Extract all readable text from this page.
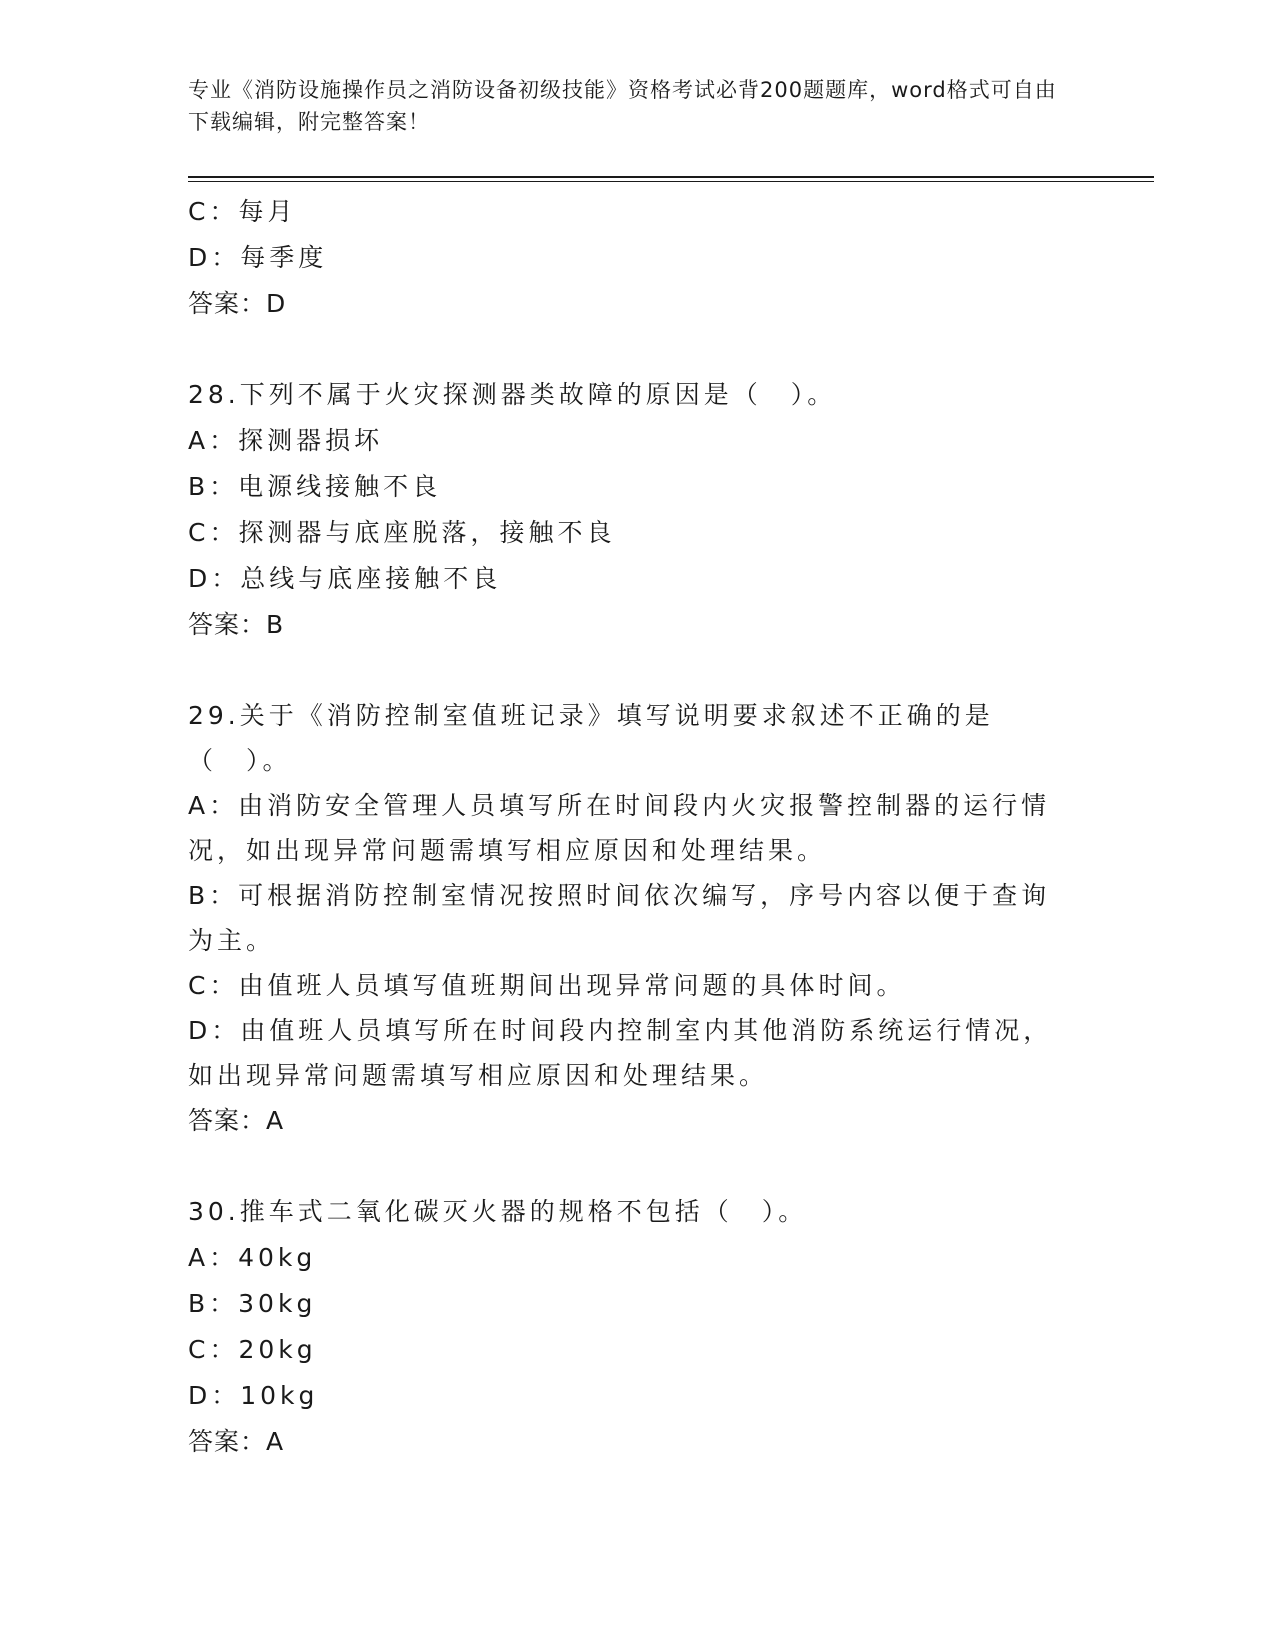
专业《消防设施操作员之消防设备初级技能》资格考试必背200题题库，word格式可自由下载编辑，附完整答案！
C：每月
D：每季度
答案：D
28.下列不属于火灾探测器类故障的原因是（　）。
A：探测器损坏
B：电源线接触不良
C：探测器与底座脱落，接触不良
D：总线与底座接触不良
答案：B
29.关于《消防控制室值班记录》填写说明要求叙述不正确的是（　）。
A：由消防安全管理人员填写所在时间段内火灾报警控制器的运行情况，如出现异常问题需填写相应原因和处理结果。
B：可根据消防控制室情况按照时间依次编写，序号内容以便于查询为主。
C：由值班人员填写值班期间出现异常问题的具体时间。
D：由值班人员填写所在时间段内控制室内其他消防系统运行情况，如出现异常问题需填写相应原因和处理结果。
答案：A
30.推车式二氧化碳灭火器的规格不包括（　）。
A：40kg
B：30kg
C：20kg
D：10kg
答案：A
